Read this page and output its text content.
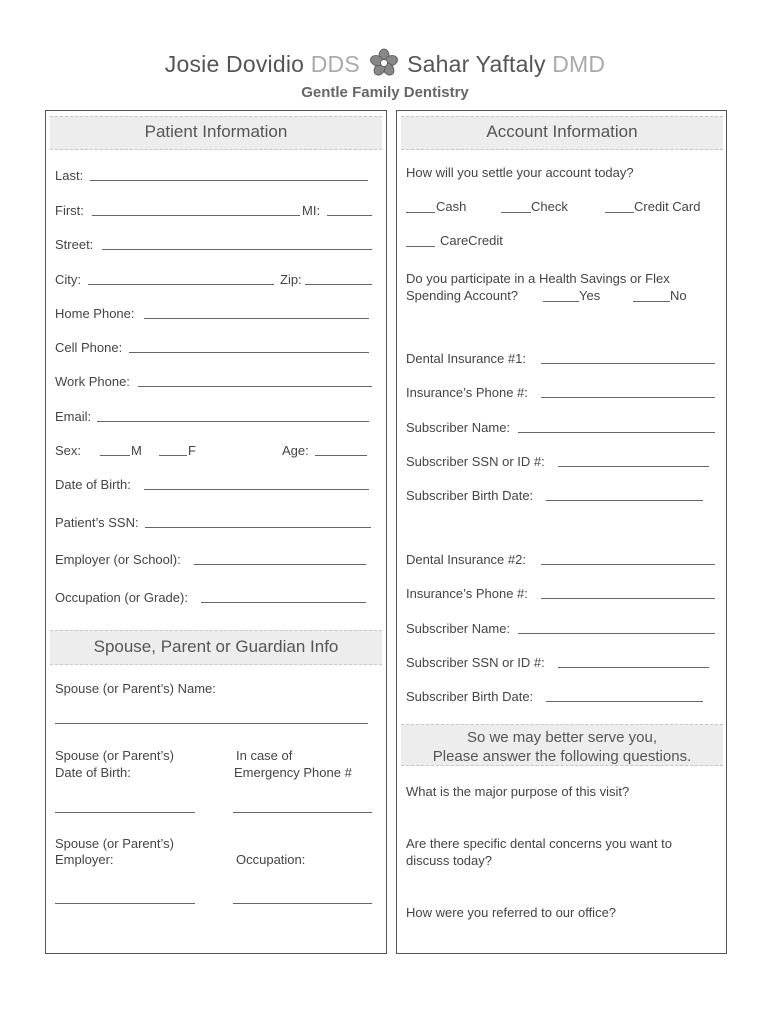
Josie Dovidio DDS Sahar Yaftaly DMD
Gentle Family Dentistry
Patient Information
Last:
First:	MI:
Street:
City:	Zip:
Home Phone:
Cell Phone:
Work Phone:
Email:
Sex:	M	F	Age:
Date of Birth:
Patient’s SSN:
Employer (or School):
Occupation (or Grade):
Spouse, Parent or Guardian Info
Spouse (or Parent’s) Name:
Spouse (or Parent’s)
Date of Birth:
In case of
Emergency Phone #
Spouse (or Parent’s)
Employer:	Occupation:
Account Information
How will you settle your account today?
Cash	Check	Credit Card
CareCredit
Do you participate in a Health Savings or Flex
Spending Account?	Yes	No
Dental Insurance #1:
Insurance’s Phone #:
Subscriber Name:
Subscriber SSN or ID #:
Subscriber Birth Date:
Dental Insurance #2:
Insurance’s Phone #:
Subscriber Name:
Subscriber SSN or ID #:
Subscriber Birth Date:
So we may better serve you,
Please answer the following questions.
What is the major purpose of this visit?
Are there specific dental concerns you want to
discuss today?
How were you referred to our office?
